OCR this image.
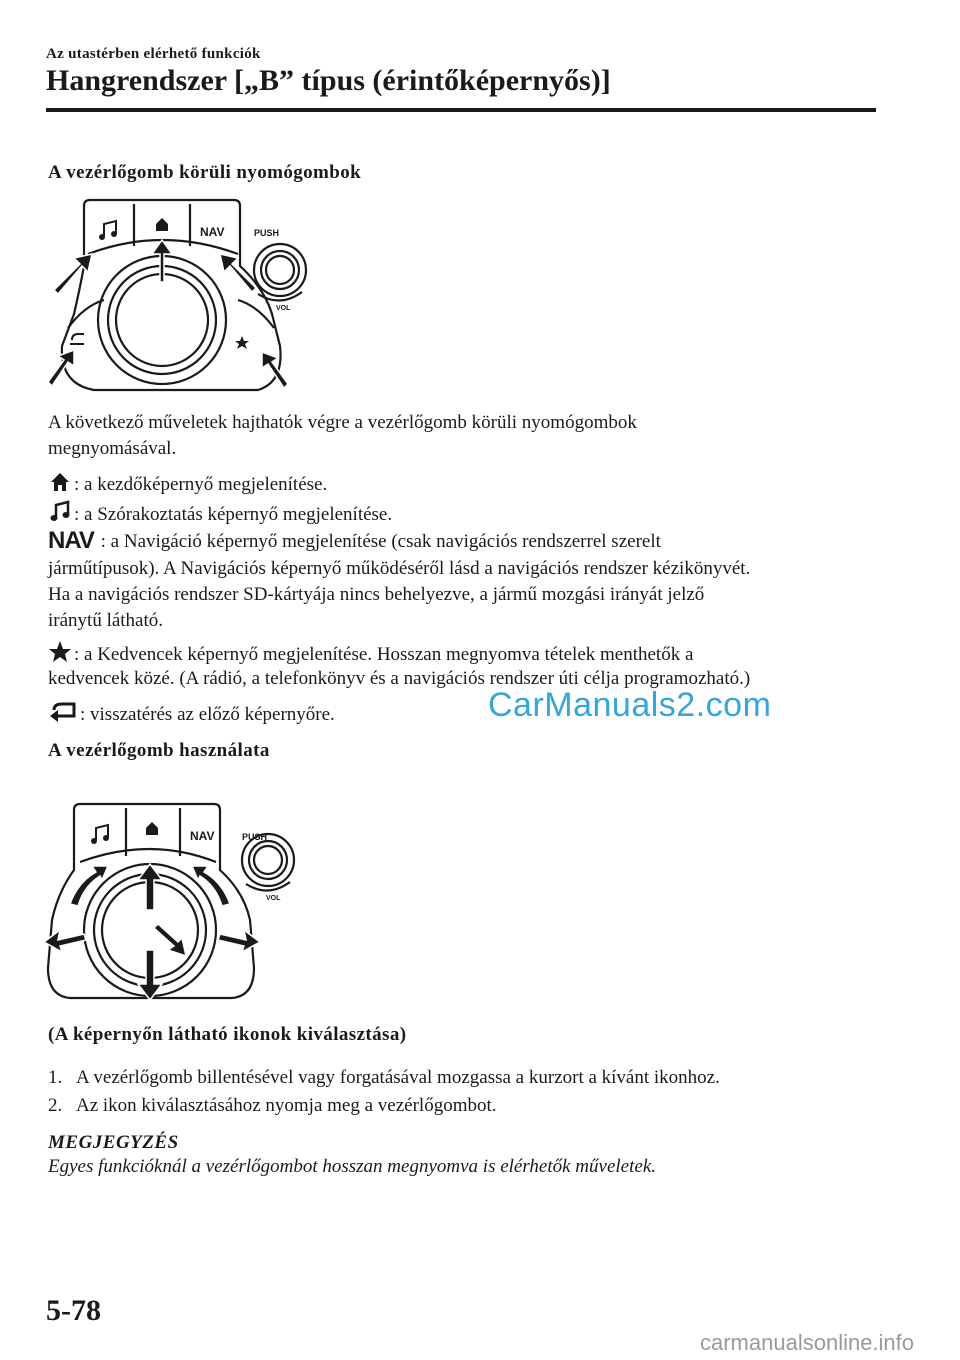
Az utastérben elérhető funkciók
Hangrendszer [„B” típus (érintőképernyős)]
A vezérlőgomb körüli nyomógombok
NAV	PUSH
VOL
A következő műveletek hajthatók végre a vezérlőgomb körüli nyomógombok
megnyomásával.
: a kezdőképernyő megjelenítése.
: a Szórakoztatás képernyő megjelenítése.
NAV : a Navigáció képernyő megjelenítése (csak navigációs rendszerrel szerelt
járműtípusok). A Navigációs képernyő működéséről lásd a navigációs rendszer kézikönyvét.
Ha a navigációs rendszer SD-kártyája nincs behelyezve, a jármű mozgási irányát jelző
iránytű látható.
: a Kedvencek képernyő megjelenítése. Hosszan megnyomva tételek menthetők a
kedvencek közé. (A rádió, a telefonkönyv és a navigációs rendszer úti célja programozható.)
: visszatérés az előző képernyőre.	CarManuals2.com
A vezérlőgomb használata
NAV	PUSH
VOL
(A képernyőn látható ikonok kiválasztása)
1. A vezérlőgomb billentésével vagy forgatásával mozgassa a kurzort a kívánt ikonhoz.
2. Az ikon kiválasztásához nyomja meg a vezérlőgombot.
MEGJEGYZÉS
Egyes funkcióknál a vezérlőgombot hosszan megnyomva is elérhetők műveletek.
5-78
carmanualsonline.info
